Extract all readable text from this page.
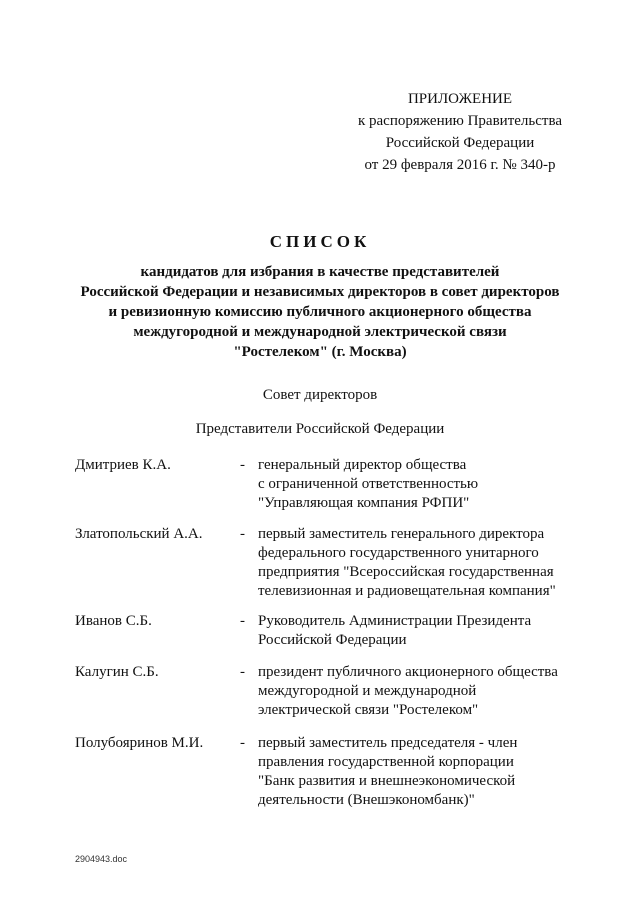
ПРИЛОЖЕНИЕ
к распоряжению Правительства
Российской Федерации
от 29 февраля 2016 г. № 340-р
СПИСОК
кандидатов для избрания в качестве представителей
Российской Федерации и независимых директоров в совет директоров
и ревизионную комиссию публичного акционерного общества
междугородной и международной электрической связи
"Ростелеком" (г. Москва)
Совет директоров
Представители Российской Федерации
Дмитриев К.А.	- генеральный директор общества
с ограниченной ответственностью
"Управляющая компания РФПИ"
Златопольский А.А.	- первый заместитель генерального директора
федерального государственного унитарного
предприятия "Всероссийская государственная
телевизионная и радиовещательная компания"
Иванов С.Б.	- Руководитель Администрации Президента
Российской Федерации
Калугин С.Б.	- президент публичного акционерного общества
междугородной и международной
электрической связи "Ростелеком"
Полубояринов М.И. - первый заместитель председателя - член
правления государственной корпорации
"Банк развития и внешнеэкономической
деятельности (Внешэкономбанк)"
2904943.doc
